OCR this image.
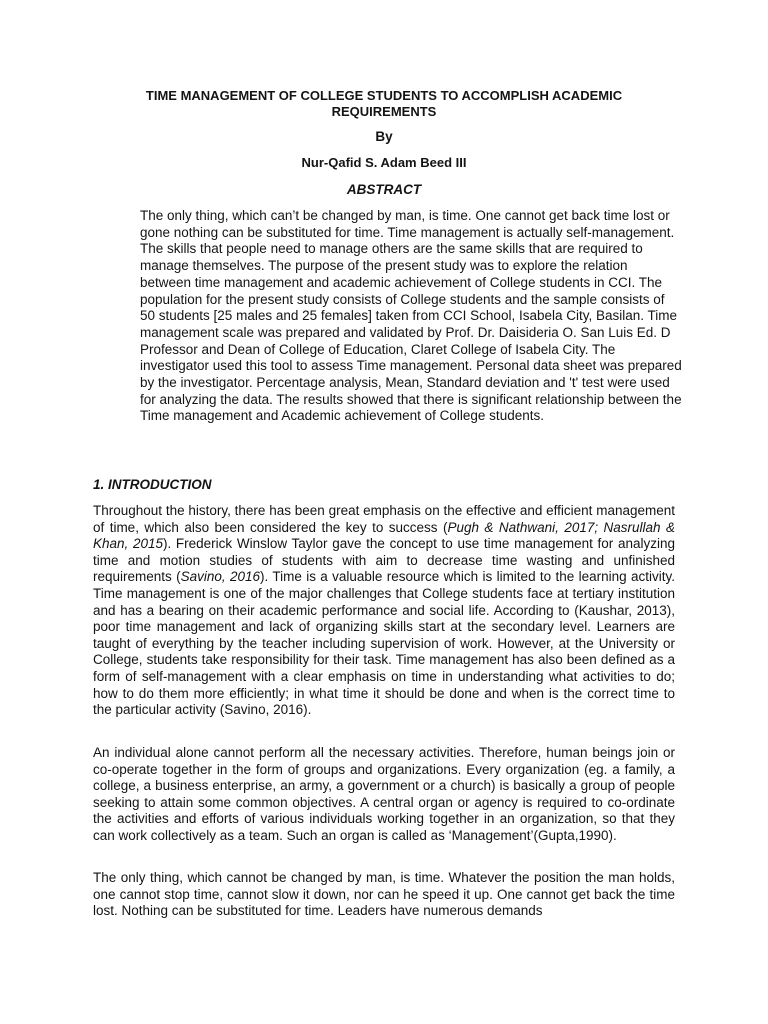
TIME MANAGEMENT OF COLLEGE STUDENTS TO ACCOMPLISH ACADEMIC REQUIREMENTS
By
Nur-Qafid S. Adam Beed III
ABSTRACT

The only thing, which can’t be changed by man, is time. One cannot get back time lost or gone nothing can be substituted for time. Time management is actually self-management. The skills that people need to manage others are the same skills that are required to manage themselves. The purpose of the present study was to explore the relation between time management and academic achievement of College students in CCI. The population for the present study consists of College students and the sample consists of 50 students [25 males and 25 females] taken from CCI School, Isabela City, Basilan. Time management scale was prepared and validated by Prof. Dr. Daisideria O. San Luis Ed. D Professor and Dean of College of Education, Claret College of Isabela City. The investigator used this tool to assess Time management. Personal data sheet was prepared by the investigator. Percentage analysis, Mean, Standard deviation and 't' test were used for analyzing the data. The results showed that there is significant relationship between the Time management and Academic achievement of College students.

1. INTRODUCTION

Throughout the history, there has been great emphasis on the effective and efficient management of time, which also been considered the key to success (Pugh & Nathwani, 2017; Nasrullah & Khan, 2015). Frederick Winslow Taylor gave the concept to use time management for analyzing time and motion studies of students with aim to decrease time wasting and unfinished requirements (Savino, 2016). Time is a valuable resource which is limited to the learning activity. Time management is one of the major challenges that College students face at tertiary institution and has a bearing on their academic performance and social life. According to (Kaushar, 2013), poor time management and lack of organizing skills start at the secondary level. Learners are taught of everything by the teacher including supervision of work. However, at the University or College, students take responsibility for their task. Time management has also been defined as a form of self-management with a clear emphasis on time in understanding what activities to do; how to do them more efficiently; in what time it should be done and when is the correct time to the particular activity (Savino, 2016).

An individual alone cannot perform all the necessary activities. Therefore, human beings join or co-operate together in the form of groups and organizations. Every organization (eg. a family, a college, a business enterprise, an army, a government or a church) is basically a group of people seeking to attain some common objectives. A central organ or agency is required to co-ordinate the activities and efforts of various individuals working together in an organization, so that they can work collectively as a team. Such an organ is called as ‘Management’(Gupta,1990).

The only thing, which cannot be changed by man, is time. Whatever the position the man holds, one cannot stop time, cannot slow it down, nor can he speed it up. One cannot get back the time lost. Nothing can be substituted for time. Leaders have numerous demands
